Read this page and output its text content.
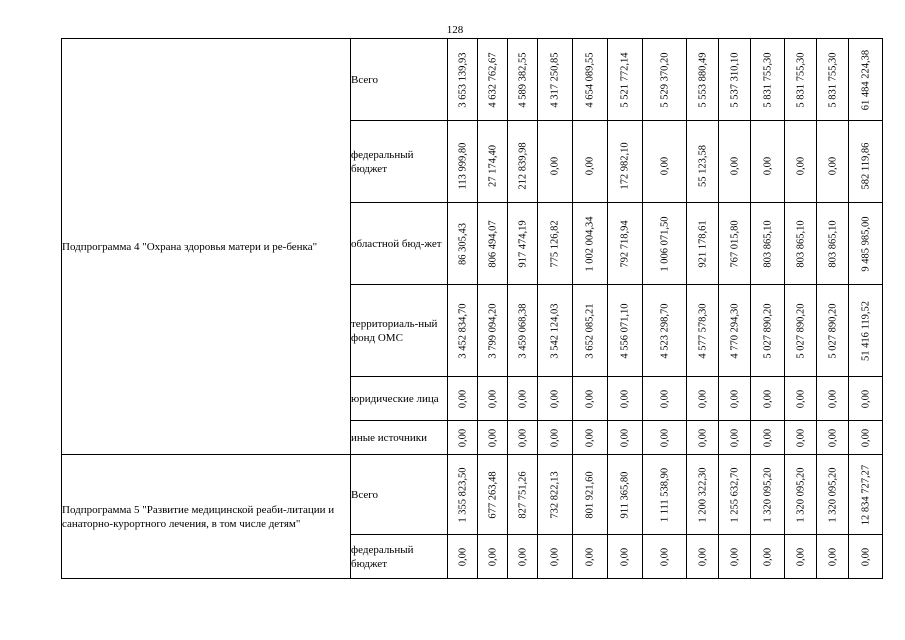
128
Подпрограмма 4 "Охрана здоровья матери и ре-бенка"	Всего	3 653 139,93	4 632 762,67	4 589 382,55	4 317 250,85	4 654 089,55	5 521 772,14	5 529 370,20	5 553 880,49	5 537 310,10	5 831 755,30	5 831 755,30	5 831 755,30	61 484 224,38

	федеральный бюджет	113 999,80	27 174,40	212 839,98	0,00	0,00	172 982,10	0,00	55 123,58	0,00	0,00	0,00	0,00	582 119,86

	областной бюд-жет	86 305,43	806 494,07	917 474,19	775 126,82	1 002 004,34	792 718,94	1 006 071,50	921 178,61	767 015,80	803 865,10	803 865,10	803 865,10	9 485 985,00

	территориаль-ный фонд ОМС	3 452 834,70	3 799 094,20	3 459 068,38	3 542 124,03	3 652 085,21	4 556 071,10	4 523 298,70	4 577 578,30	4 770 294,30	5 027 890,20	5 027 890,20	5 027 890,20	51 416 119,52

	юридические лица	0,00	0,00	0,00	0,00	0,00	0,00	0,00	0,00	0,00	0,00	0,00	0,00	0,00

	иные источники	0,00	0,00	0,00	0,00	0,00	0,00	0,00	0,00	0,00	0,00	0,00	0,00	0,00

Подпрограмма 5 "Развитие медицинской реаби-литации и санаторно-курортного лечения, в том числе детям"	Всего	1 355 823,50	677 263,48	827 751,26	732 822,13	801 921,60	911 365,80	1 111 538,90	1 200 322,30	1 255 632,70	1 320 095,20	1 320 095,20	1 320 095,20	12 834 727,27

	федеральный бюджет	0,00	0,00	0,00	0,00	0,00	0,00	0,00	0,00	0,00	0,00	0,00	0,00	0,00
